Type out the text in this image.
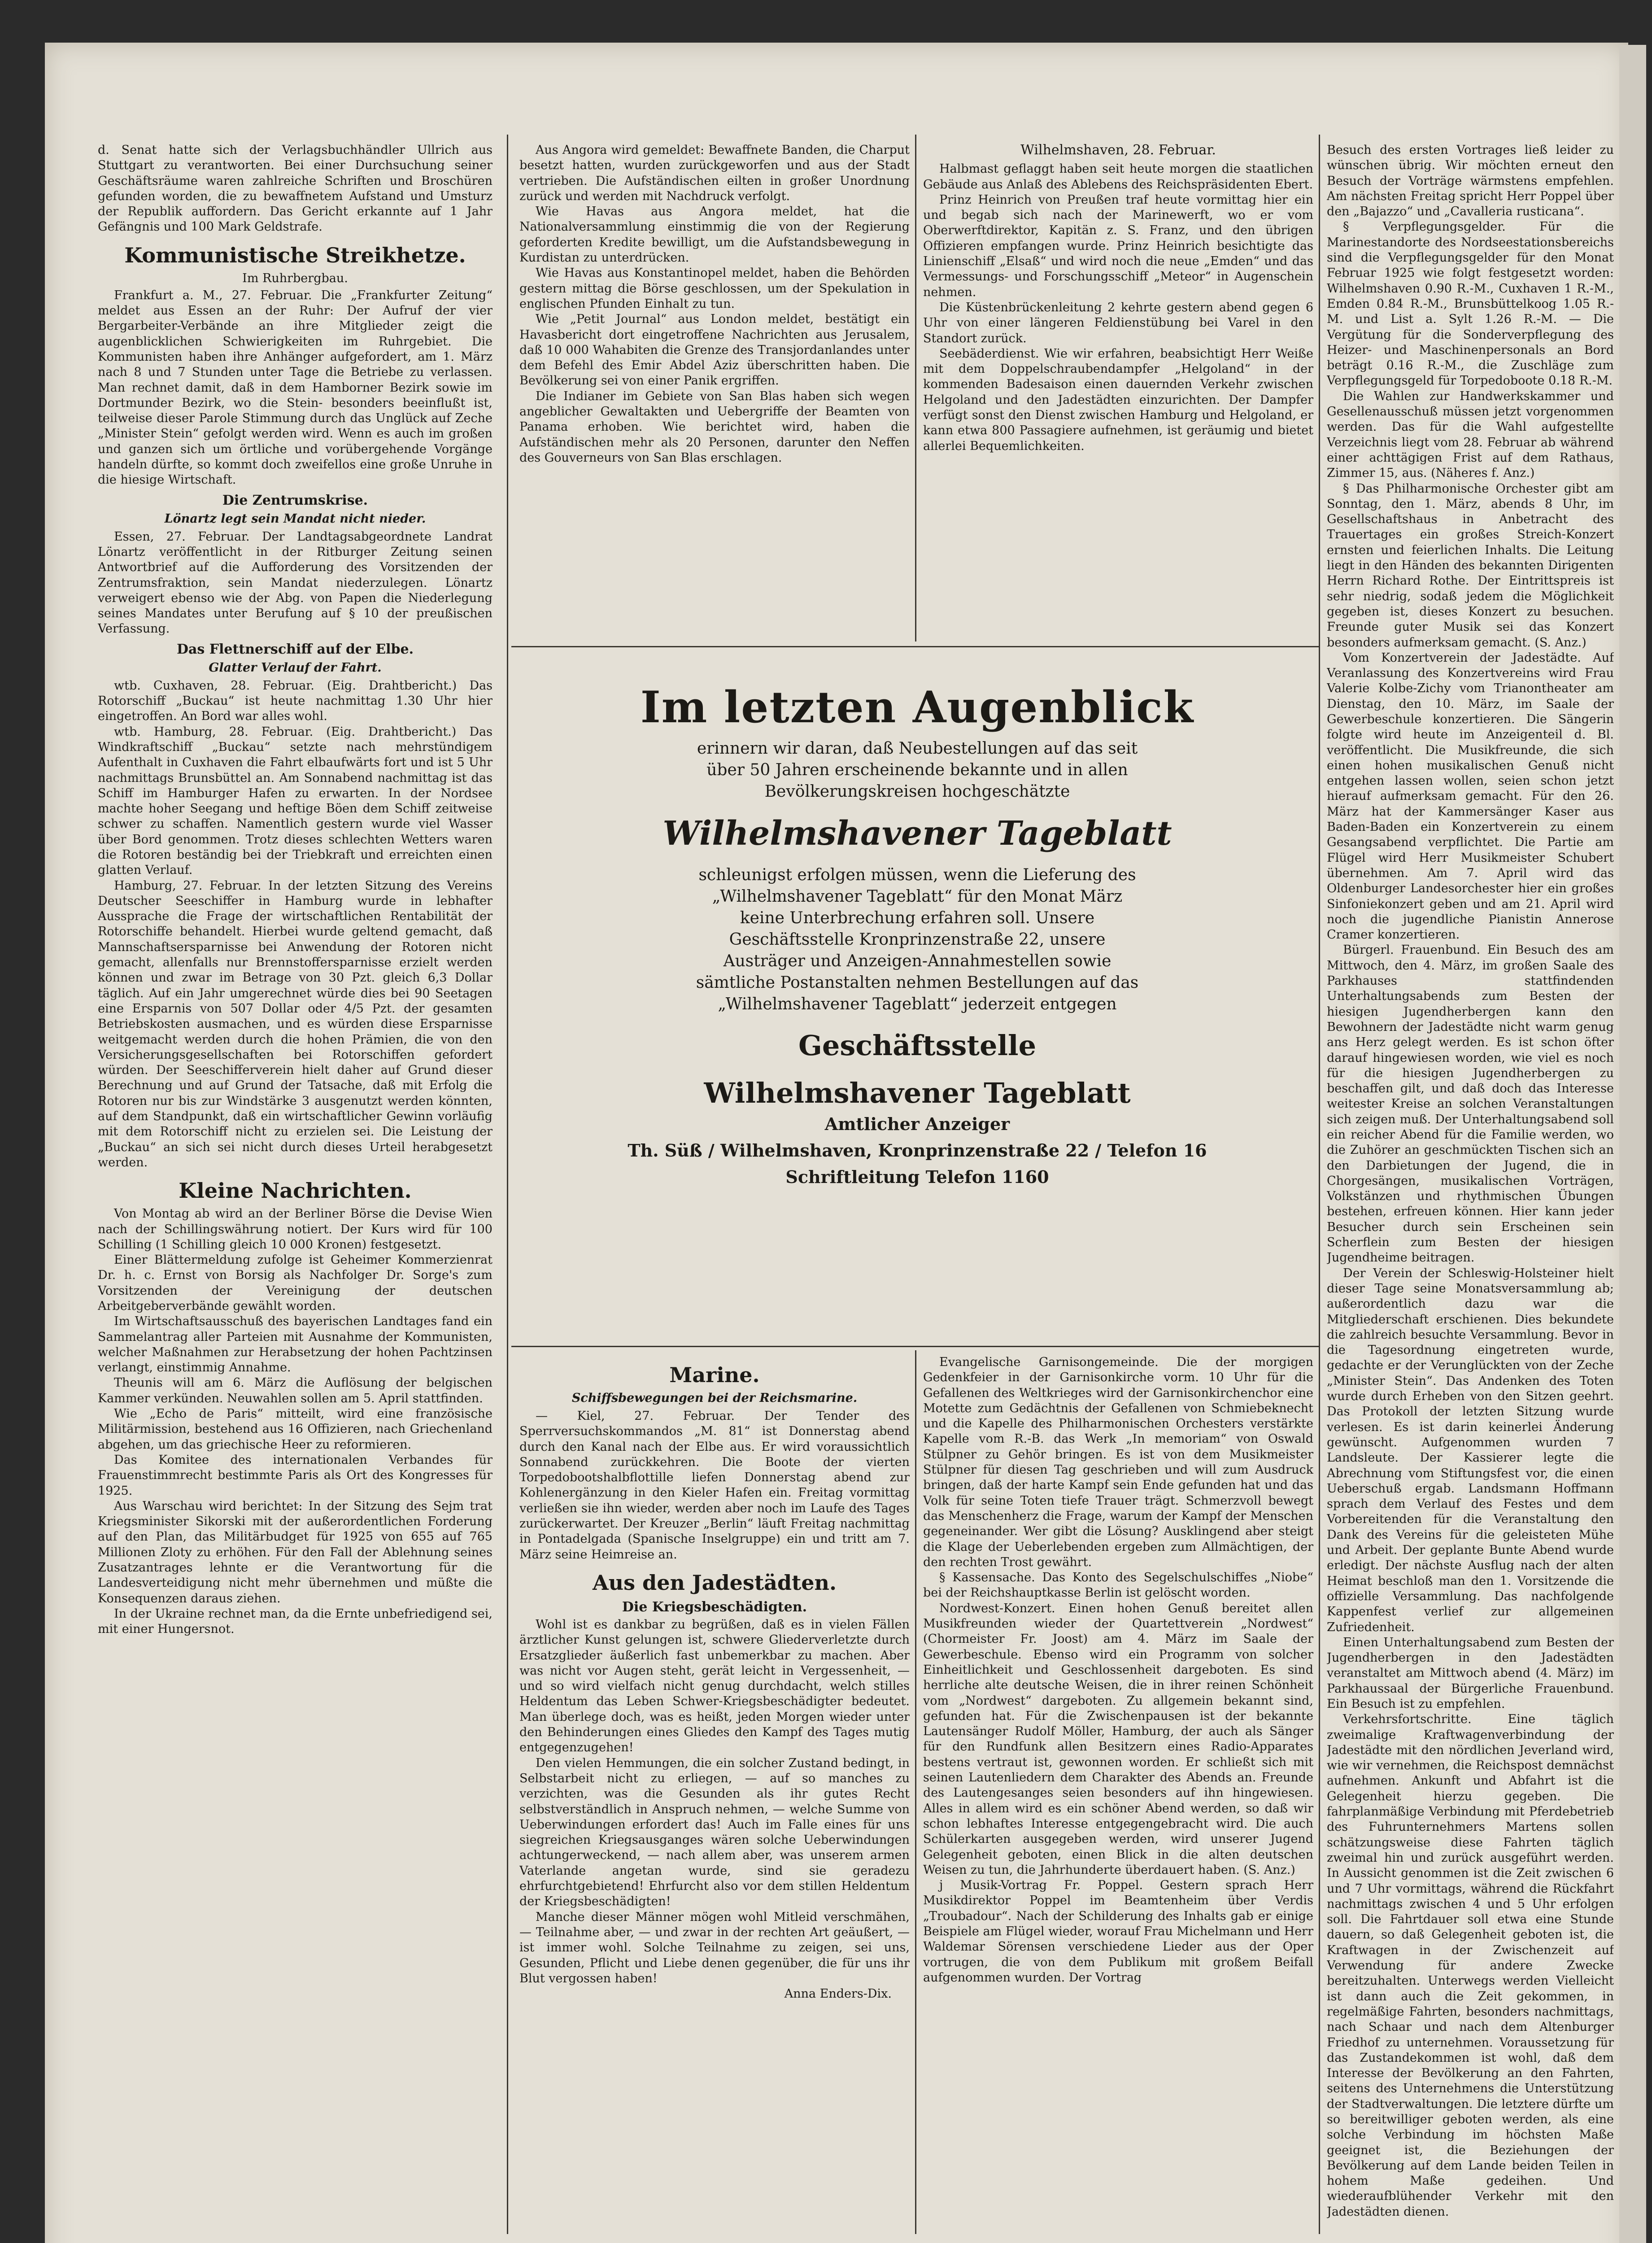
d. Senat hatte sich der Verlagsbuchhändler Ullrich aus Stuttgart zu verantworten. Bei einer Durchsuchung seiner Geschäftsräume waren zahlreiche Schriften und Broschüren gefunden worden, die zu bewaffnetem Aufstand und Umsturz der Republik auffordern. Das Gericht erkannte auf 1 Jahr Gefängnis und 100 Mark Geldstrafe.

Kommunistische Streikhetze.
Im Ruhrbergbau.

Frankfurt a. M., 27. Februar. Die „Frankfurter Zeitung“ meldet aus Essen an der Ruhr: Der Aufruf der vier Bergarbeiter-Verbände an ihre Mitglieder zeigt die augenblicklichen Schwierigkeiten im Ruhrgebiet. Die Kommunisten haben ihre Anhänger aufgefordert, am 1. März nach 8 und 7 Stunden unter Tage die Betriebe zu verlassen. Man rechnet damit, daß in dem Hamborner Bezirk sowie im Dortmunder Bezirk, wo die Stein- besonders beeinflußt ist, teilweise dieser Parole Stimmung durch das Unglück auf Zeche „Minister Stein“ gefolgt werden wird. Wenn es auch im großen und ganzen sich um örtliche und vorübergehende Vorgänge handeln dürfte, so kommt doch zweifellos eine große Unruhe in die hiesige Wirtschaft.

Die Zentrumskrise.
Lönartz legt sein Mandat nicht nieder.

Essen, 27. Februar. Der Landtagsabgeordnete Landrat Lönartz veröffentlicht in der Ritburger Zeitung seinen Antwortbrief auf die Aufforderung des Vorsitzenden der Zentrumsfraktion, sein Mandat niederzulegen. Lönartz verweigert ebenso wie der Abg. von Papen die Niederlegung seines Mandates unter Berufung auf § 10 der preußischen Verfassung.

Das Flettnerschiff auf der Elbe.
Glatter Verlauf der Fahrt.

wtb. Cuxhaven, 28. Februar. (Eig. Drahtbericht.) Das Rotorschiff „Buckau“ ist heute nachmittag 1.30 Uhr hier eingetroffen. An Bord war alles wohl.

wtb. Hamburg, 28. Februar. (Eig. Drahtbericht.) Das Windkraftschiff „Buckau“ setzte nach mehrstündigem Aufenthalt in Cuxhaven die Fahrt elbaufwärts fort und ist 5 Uhr nachmittags Brunsbüttel an. Am Sonnabend nachmittag ist das Schiff im Hamburger Hafen zu erwarten. In der Nordsee machte hoher Seegang und heftige Böen dem Schiff zeitweise schwer zu schaffen. Namentlich gestern wurde viel Wasser über Bord genommen. Trotz dieses schlechten Wetters waren die Rotoren beständig bei der Triebkraft und erreichten einen glatten Verlauf.

Hamburg, 27. Februar. In der letzten Sitzung des Vereins Deutscher Seeschiffer in Hamburg wurde in lebhafter Aussprache die Frage der wirtschaftlichen Rentabilität der Rotorschiffe behandelt. Hierbei wurde geltend gemacht, daß Mannschaftsersparnisse bei Anwendung der Rotoren nicht gemacht, allenfalls nur Brennstoffersparnisse erzielt werden können und zwar im Betrage von 30 Pzt. gleich 6,3 Dollar täglich. Auf ein Jahr umgerechnet würde dies bei 90 Seetagen eine Ersparnis von 507 Dollar oder 4/5 Pzt. der gesamten Betriebskosten ausmachen, und es würden diese Ersparnisse weitgemacht werden durch die hohen Prämien, die von den Versicherungsgesellschaften bei Rotorschiffen gefordert würden. Der Seeschifferverein hielt daher auf Grund dieser Berechnung und auf Grund der Tatsache, daß mit Erfolg die Rotoren nur bis zur Windstärke 3 ausgenutzt werden könnten, auf dem Standpunkt, daß ein wirtschaftlicher Gewinn vorläufig mit dem Rotorschiff nicht zu erzielen sei. Die Leistung der „Buckau“ an sich sei nicht durch dieses Urteil herabgesetzt werden.

Kleine Nachrichten.

Von Montag ab wird an der Berliner Börse die Devise Wien nach der Schillingswährung notiert. Der Kurs wird für 100 Schilling (1 Schilling gleich 10 000 Kronen) festgesetzt.

Einer Blättermeldung zufolge ist Geheimer Kommerzienrat Dr. h. c. Ernst von Borsig als Nachfolger Dr. Sorge's zum Vorsitzenden der Vereinigung der deutschen Arbeitgeberverbände gewählt worden.

Im Wirtschaftsausschuß des bayerischen Landtages fand ein Sammelantrag aller Parteien mit Ausnahme der Kommunisten, welcher Maßnahmen zur Herabsetzung der hohen Pachtzinsen verlangt, einstimmig Annahme.

Theunis will am 6. März die Auflösung der belgischen Kammer verkünden. Neuwahlen sollen am 5. April stattfinden.

Wie „Echo de Paris“ mitteilt, wird eine französische Militärmission, bestehend aus 16 Offizieren, nach Griechenland abgehen, um das griechische Heer zu reformieren.

Das Komitee des internationalen Verbandes für Frauenstimmrecht bestimmte Paris als Ort des Kongresses für 1925.

Aus Warschau wird berichtet: In der Sitzung des Sejm trat Kriegsminister Sikorski mit der außerordentlichen Forderung auf den Plan, das Militärbudget für 1925 von 655 auf 765 Millionen Zloty zu erhöhen. Für den Fall der Ablehnung seines Zusatzantrages lehnte er die Verantwortung für die Landesverteidigung nicht mehr übernehmen und müßte die Konsequenzen daraus ziehen.

In der Ukraine rechnet man, da die Ernte unbefriedigend sei, mit einer Hungersnot.

Aus Angora wird gemeldet: Bewaffnete Banden, die Charput besetzt hatten, wurden zurückgeworfen und aus der Stadt vertrieben. Die Aufständischen eilten in großer Unordnung zurück und werden mit Nachdruck verfolgt.

Wie Havas aus Angora meldet, hat die Nationalversammlung einstimmig die von der Regierung geforderten Kredite bewilligt, um die Aufstandsbewegung in Kurdistan zu unterdrücken.

Wie Havas aus Konstantinopel meldet, haben die Behörden gestern mittag die Börse geschlossen, um der Spekulation in englischen Pfunden Einhalt zu tun.

Wie „Petit Journal“ aus London meldet, bestätigt ein Havasbericht dort eingetroffene Nachrichten aus Jerusalem, daß 10 000 Wahabiten die Grenze des Transjordanlandes unter dem Befehl des Emir Abdel Aziz überschritten haben. Die Bevölkerung sei von einer Panik ergriffen.

Die Indianer im Gebiete von San Blas haben sich wegen angeblicher Gewaltakten und Uebergriffe der Beamten von Panama erhoben. Wie berichtet wird, haben die Aufständischen mehr als 20 Personen, darunter den Neffen des Gouverneurs von San Blas erschlagen.

Wilhelmshaven, 28. Februar.

Halbmast geflaggt haben seit heute morgen die staatlichen Gebäude aus Anlaß des Ablebens des Reichspräsidenten Ebert.

Prinz Heinrich von Preußen traf heute vormittag hier ein und begab sich nach der Marinewerft, wo er vom Oberwerftdirektor, Kapitän z. S. Franz, und den übrigen Offizieren empfangen wurde. Prinz Heinrich besichtigte das Linienschiff „Elsaß“ und wird noch die neue „Emden“ und das Vermessungs- und Forschungsschiff „Meteor“ in Augenschein nehmen.

Die Küstenbrückenleitung 2 kehrte gestern abend gegen 6 Uhr von einer längeren Feldienstübung bei Varel in den Standort zurück.

Seebäderdienst. Wie wir erfahren, beabsichtigt Herr Weiße mit dem Doppelschraubendampfer „Helgoland“ in der kommenden Badesaison einen dauernden Verkehr zwischen Helgoland und den Jadestädten einzurichten. Der Dampfer verfügt sonst den Dienst zwischen Hamburg und Helgoland, er kann etwa 800 Passagiere aufnehmen, ist geräumig und bietet allerlei Bequemlichkeiten.

Im letzten Augenblick
erinnern wir daran, daß Neubestellungen auf das seit über 50 Jahren erscheinende bekannte und in allen Bevölkerungskreisen hochgeschätzte
Wilhelmshavener Tageblatt
schleunigst erfolgen müssen, wenn die Lieferung des „Wilhelmshavener Tageblatt“ für den Monat März keine Unterbrechung erfahren soll. Unsere Geschäftsstelle Kronprinzenstraße 22, unsere Austräger und Anzeigen-Annahmestellen sowie sämtliche Postanstalten nehmen Bestellungen auf das „Wilhelmshavener Tageblatt“ jederzeit entgegen
Geschäftsstelle
Wilhelmshavener Tageblatt
Amtlicher Anzeiger
Th. Süß / Wilhelmshaven, Kronprinzenstraße 22 / Telefon 16
Schriftleitung Telefon 1160
Marine.
Schiffsbewegungen bei der Reichsmarine.

— Kiel, 27. Februar. Der Tender des Sperrversuchskommandos „M. 81“ ist Donnerstag abend durch den Kanal nach der Elbe aus. Er wird voraussichtlich Sonnabend zurückkehren. Die Boote der vierten Torpedobootshalbflottille liefen Donnerstag abend zur Kohlenergänzung in den Kieler Hafen ein. Freitag vormittag verließen sie ihn wieder, werden aber noch im Laufe des Tages zurückerwartet. Der Kreuzer „Berlin“ läuft Freitag nachmittag in Pontadelgada (Spanische Inselgruppe) ein und tritt am 7. März seine Heimreise an.

Aus den Jadestädten.
Die Kriegsbeschädigten.

Wohl ist es dankbar zu begrüßen, daß es in vielen Fällen ärztlicher Kunst gelungen ist, schwere Gliederverletzte durch Ersatzglieder äußerlich fast unbemerkbar zu machen. Aber was nicht vor Augen steht, gerät leicht in Vergessenheit, — und so wird vielfach nicht genug durchdacht, welch stilles Heldentum das Leben Schwer-Kriegsbeschädigter bedeutet. Man überlege doch, was es heißt, jeden Morgen wieder unter den Behinderungen eines Gliedes den Kampf des Tages mutig entgegenzugehen!

Den vielen Hemmungen, die ein solcher Zustand bedingt, in Selbstarbeit nicht zu erliegen, — auf so manches zu verzichten, was die Gesunden als ihr gutes Recht selbstverständlich in Anspruch nehmen, — welche Summe von Ueberwindungen erfordert das! Auch im Falle eines für uns siegreichen Kriegsausganges wären solche Ueberwindungen achtungerweckend, — nach allem aber, was unserem armen Vaterlande angetan wurde, sind sie geradezu ehrfurchtgebietend! Ehrfurcht also vor dem stillen Heldentum der Kriegsbeschädigten!

Manche dieser Männer mögen wohl Mitleid verschmähen, — Teilnahme aber, — und zwar in der rechten Art geäußert, — ist immer wohl. Solche Teilnahme zu zeigen, sei uns, Gesunden, Pflicht und Liebe denen gegenüber, die für uns ihr Blut vergossen haben!

Anna Enders-Dix.

Evangelische Garnisongemeinde. Die der morgigen Gedenkfeier in der Garnisonkirche vorm. 10 Uhr für die Gefallenen des Weltkrieges wird der Garnisonkirchenchor eine Motette zum Gedächtnis der Gefallenen von Schmiebeknecht und die Kapelle des Philharmonischen Orchesters verstärkte Kapelle vom R.-B. das Werk „In memoriam“ von Oswald Stülpner zu Gehör bringen. Es ist von dem Musikmeister Stülpner für diesen Tag geschrieben und will zum Ausdruck bringen, daß der harte Kampf sein Ende gefunden hat und das Volk für seine Toten tiefe Trauer trägt. Schmerzvoll bewegt das Menschenherz die Frage, warum der Kampf der Menschen gegeneinander. Wer gibt die Lösung? Ausklingend aber steigt die Klage der Ueberlebenden ergeben zum Allmächtigen, der den rechten Trost gewährt.

§ Kassensache. Das Konto des Segelschulschiffes „Niobe“ bei der Reichshauptkasse Berlin ist gelöscht worden.

Nordwest-Konzert. Einen hohen Genuß bereitet allen Musikfreunden wieder der Quartettverein „Nordwest“ (Chormeister Fr. Joost) am 4. März im Saale der Gewerbeschule. Ebenso wird ein Programm von solcher Einheitlichkeit und Geschlossenheit dargeboten. Es sind herrliche alte deutsche Weisen, die in ihrer reinen Schönheit vom „Nordwest“ dargeboten. Zu allgemein bekannt sind, gefunden hat. Für die Zwischenpausen ist der bekannte Lautensänger Rudolf Möller, Hamburg, der auch als Sänger für den Rundfunk allen Besitzern eines Radio-Apparates bestens vertraut ist, gewonnen worden. Er schließt sich mit seinen Lautenliedern dem Charakter des Abends an. Freunde des Lautengesanges seien besonders auf ihn hingewiesen. Alles in allem wird es ein schöner Abend werden, so daß wir schon lebhaftes Interesse entgegengebracht wird. Die auch Schülerkarten ausgegeben werden, wird unserer Jugend Gelegenheit geboten, einen Blick in die alten deutschen Weisen zu tun, die Jahrhunderte überdauert haben. (S. Anz.)

j Musik-Vortrag Fr. Poppel. Gestern sprach Herr Musikdirektor Poppel im Beamtenheim über Verdis „Troubadour“. Nach der Schilderung des Inhalts gab er einige Beispiele am Flügel wieder, worauf Frau Michelmann und Herr Waldemar Sörensen verschiedene Lieder aus der Oper vortrugen, die von dem Publikum mit großem Beifall aufgenommen wurden. Der Vortrag

Besuch des ersten Vortrages ließ leider zu wünschen übrig. Wir möchten erneut den Besuch der Vorträge wärmstens empfehlen. Am nächsten Freitag spricht Herr Poppel über den „Bajazzo“ und „Cavalleria rusticana“.

§ Verpflegungsgelder. Für die Marinestandorte des Nordseestationsbereichs sind die Verpflegungsgelder für den Monat Februar 1925 wie folgt festgesetzt worden: Wilhelmshaven 0.90 R.-M., Cuxhaven 1 R.-M., Emden 0.84 R.-M., Brunsbüttelkoog 1.05 R.-M. und List a. Sylt 1.26 R.-M. — Die Vergütung für die Sonderverpflegung des Heizer- und Maschinenpersonals an Bord beträgt 0.16 R.-M., die Zuschläge zum Verpflegungsgeld für Torpedoboote 0.18 R.-M.

Die Wahlen zur Handwerkskammer und Gesellenausschuß müssen jetzt vorgenommen werden. Das für die Wahl aufgestellte Verzeichnis liegt vom 28. Februar ab während einer achttägigen Frist auf dem Rathaus, Zimmer 15, aus. (Näheres f. Anz.)

§ Das Philharmonische Orchester gibt am Sonntag, den 1. März, abends 8 Uhr, im Gesellschaftshaus in Anbetracht des Trauertages ein großes Streich-Konzert ernsten und feierlichen Inhalts. Die Leitung liegt in den Händen des bekannten Dirigenten Herrn Richard Rothe. Der Eintrittspreis ist sehr niedrig, sodaß jedem die Möglichkeit gegeben ist, dieses Konzert zu besuchen. Freunde guter Musik sei das Konzert besonders aufmerksam gemacht. (S. Anz.)

Vom Konzertverein der Jadestädte. Auf Veranlassung des Konzertvereins wird Frau Valerie Kolbe-Zichy vom Trianontheater am Dienstag, den 10. März, im Saale der Gewerbeschule konzertieren. Die Sängerin folgte wird heute im Anzeigenteil d. Bl. veröffentlicht. Die Musikfreunde, die sich einen hohen musikalischen Genuß nicht entgehen lassen wollen, seien schon jetzt hierauf aufmerksam gemacht. Für den 26. März hat der Kammersänger Kaser aus Baden-Baden ein Konzertverein zu einem Gesangsabend verpflichtet. Die Partie am Flügel wird Herr Musikmeister Schubert übernehmen. Am 7. April wird das Oldenburger Landesorchester hier ein großes Sinfoniekonzert geben und am 21. April wird noch die jugendliche Pianistin Annerose Cramer konzertieren.

Bürgerl. Frauenbund. Ein Besuch des am Mittwoch, den 4. März, im großen Saale des Parkhauses stattfindenden Unterhaltungsabends zum Besten der hiesigen Jugendherbergen kann den Bewohnern der Jadestädte nicht warm genug ans Herz gelegt werden. Es ist schon öfter darauf hingewiesen worden, wie viel es noch für die hiesigen Jugendherbergen zu beschaffen gilt, und daß doch das Interesse weitester Kreise an solchen Veranstaltungen sich zeigen muß. Der Unterhaltungsabend soll ein reicher Abend für die Familie werden, wo die Zuhörer an geschmückten Tischen sich an den Darbietungen der Jugend, die in Chorgesängen, musikalischen Vorträgen, Volkstänzen und rhythmischen Übungen bestehen, erfreuen können. Hier kann jeder Besucher durch sein Erscheinen sein Scherflein zum Besten der hiesigen Jugendheime beitragen.

Der Verein der Schleswig-Holsteiner hielt dieser Tage seine Monatsversammlung ab; außerordentlich dazu war die Mitgliederschaft erschienen. Dies bekundete die zahlreich besuchte Versammlung. Bevor in die Tagesordnung eingetreten wurde, gedachte er der Verunglückten von der Zeche „Minister Stein“. Das Andenken des Toten wurde durch Erheben von den Sitzen geehrt. Das Protokoll der letzten Sitzung wurde verlesen. Es ist darin keinerlei Änderung gewünscht. Aufgenommen wurden 7 Landsleute. Der Kassierer legte die Abrechnung vom Stiftungsfest vor, die einen Ueberschuß ergab. Landsmann Hoffmann sprach dem Verlauf des Festes und dem Vorbereitenden für die Veranstaltung den Dank des Vereins für die geleisteten Mühe und Arbeit. Der geplante Bunte Abend wurde erledigt. Der nächste Ausflug nach der alten Heimat beschloß man den 1. Vorsitzende die offizielle Versammlung. Das nachfolgende Kappenfest verlief zur allgemeinen Zufriedenheit.

Einen Unterhaltungsabend zum Besten der Jugendherbergen in den Jadestädten veranstaltet am Mittwoch abend (4. März) im Parkhaussaal der Bürgerliche Frauenbund. Ein Besuch ist zu empfehlen.

Verkehrsfortschritte. Eine täglich zweimalige Kraftwagenverbindung der Jadestädte mit den nördlichen Jeverland wird, wie wir vernehmen, die Reichspost demnächst aufnehmen. Ankunft und Abfahrt ist die Gelegenheit hierzu gegeben. Die fahrplanmäßige Verbindung mit Pferdebetrieb des Fuhrunternehmers Martens sollen schätzungsweise diese Fahrten täglich zweimal hin und zurück ausgeführt werden. In Aussicht genommen ist die Zeit zwischen 6 und 7 Uhr vormittags, während die Rückfahrt nachmittags zwischen 4 und 5 Uhr erfolgen soll. Die Fahrtdauer soll etwa eine Stunde dauern, so daß Gelegenheit geboten ist, die Kraftwagen in der Zwischenzeit auf Verwendung für andere Zwecke bereitzuhalten. Unterwegs werden Vielleicht ist dann auch die Zeit gekommen, in regelmäßige Fahrten, besonders nachmittags, nach Schaar und nach dem Altenburger Friedhof zu unternehmen. Voraussetzung für das Zustandekommen ist wohl, daß dem Interesse der Bevölkerung an den Fahrten, seitens des Unternehmens die Unterstützung der Stadtverwaltungen. Die letztere dürfte um so bereitwilliger geboten werden, als eine solche Verbindung im höchsten Maße geeignet ist, die Beziehungen der Bevölkerung auf dem Lande beiden Teilen in hohem Maße gedeihen. Und wiederaufblühender Verkehr mit den Jadestädten dienen.
